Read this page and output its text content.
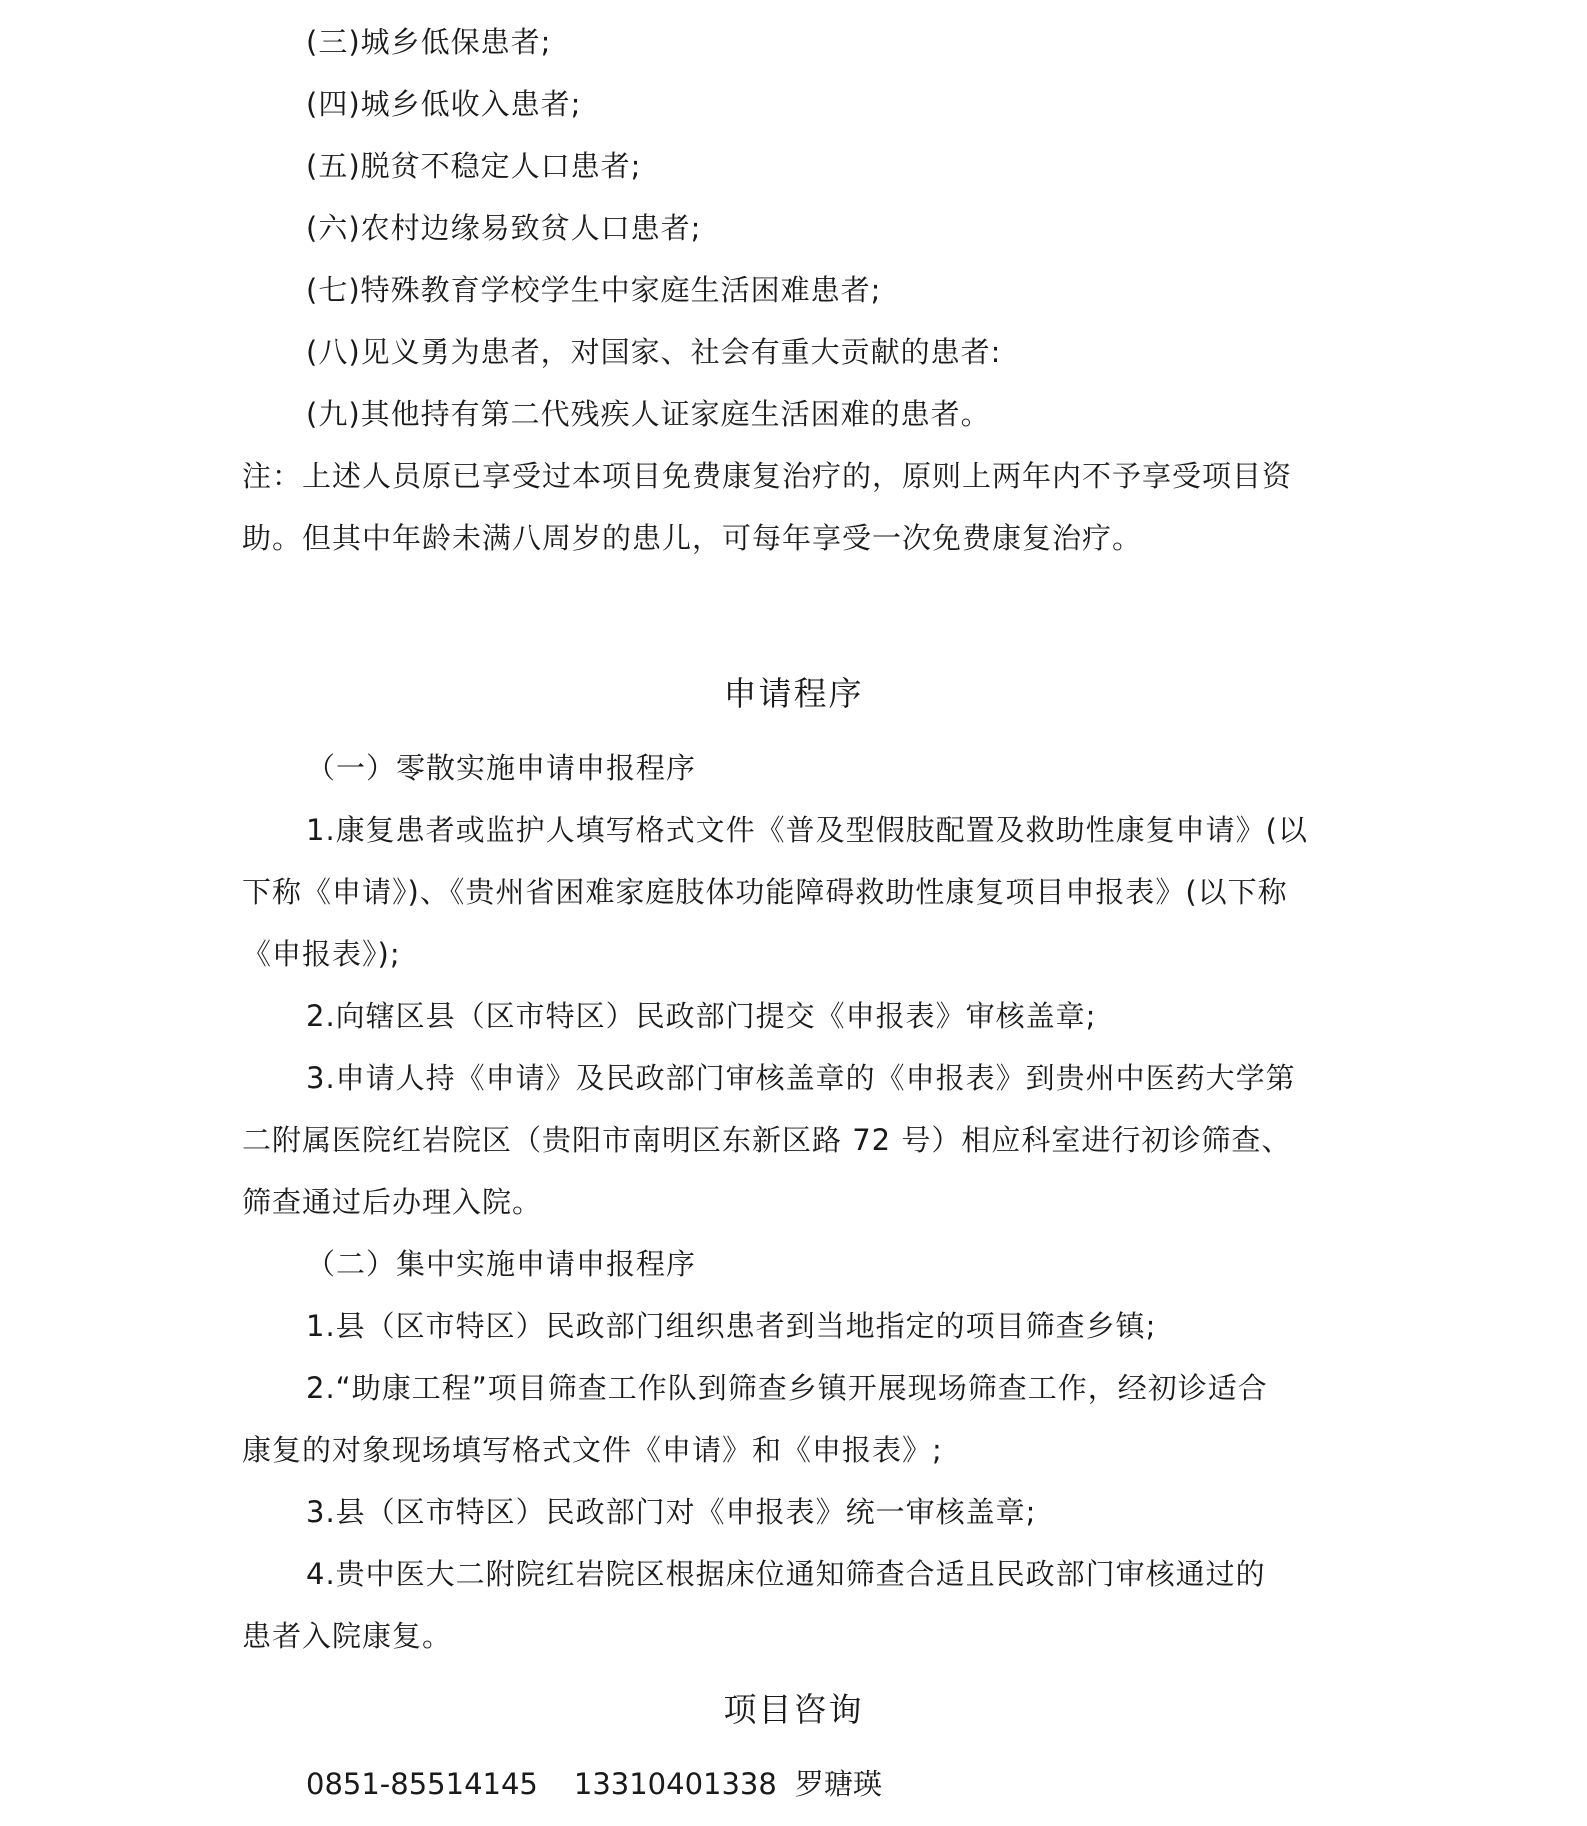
(三)城乡低保患者;
(四)城乡低收入患者;
(五)脱贫不稳定人口患者;
(六)农村边缘易致贫人口患者;
(七)特殊教育学校学生中家庭生活困难患者;
(八)见义勇为患者，对国家、社会有重大贡献的患者:
(九)其他持有第二代残疾人证家庭生活困难的患者。
注：上述人员原已享受过本项目免费康复治疗的，原则上两年内不予享受项目资
助。但其中年龄未满八周岁的患儿，可每年享受一次免费康复治疗。
申请程序
（一）零散实施申请申报程序
1.康复患者或监护人填写格式文件《普及型假肢配置及救助性康复申请》(以
下称《申请》)、《贵州省困难家庭肢体功能障碍救助性康复项目申报表》(以下称
《申报表》);
2.向辖区县（区市特区）民政部门提交《申报表》审核盖章;
3.申请人持《申请》及民政部门审核盖章的《申报表》到贵州中医药大学第
二附属医院红岩院区（贵阳市南明区东新区路 72 号）相应科室进行初诊筛查、
筛查通过后办理入院。
（二）集中实施申请申报程序
1.县（区市特区）民政部门组织患者到当地指定的项目筛查乡镇;
2.“助康工程”项目筛查工作队到筛查乡镇开展现场筛查工作，经初诊适合
康复的对象现场填写格式文件《申请》和《申报表》;
3.县（区市特区）民政部门对《申报表》统一审核盖章;
4.贵中医大二附院红岩院区根据床位通知筛查合适且民政部门审核通过的
患者入院康复。
项目咨询
0851-85514145 13310401338 罗瑭瑛
